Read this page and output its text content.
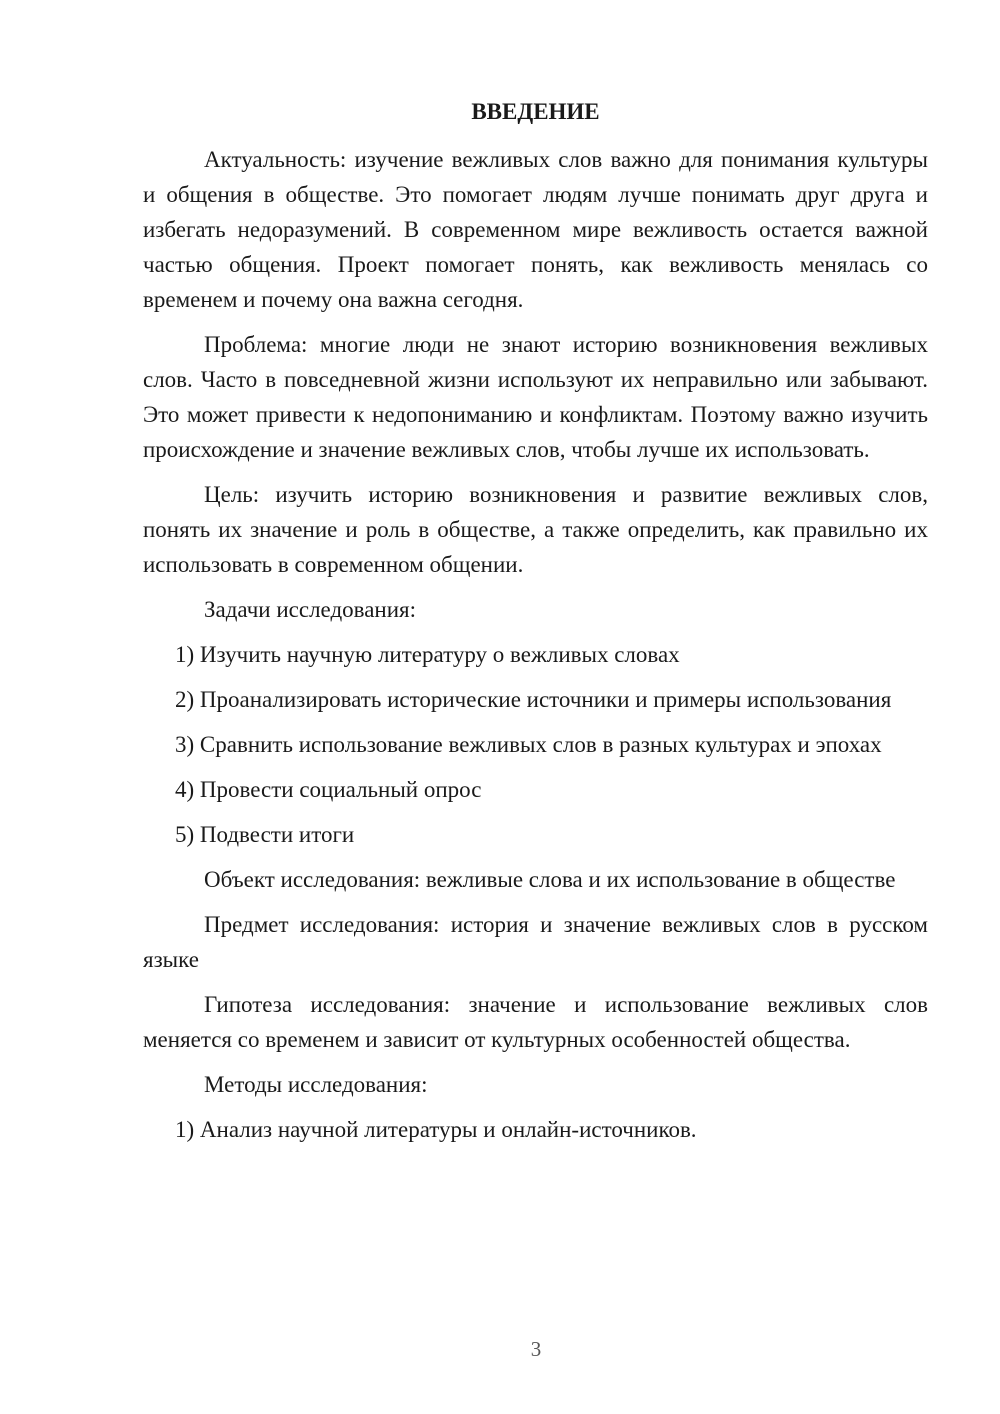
ВВЕДЕНИЕ

Актуальность: изучение вежливых слов важно для понимания культуры и общения в обществе. Это помогает людям лучше понимать друг друга и избегать недоразумений. В современном мире вежливость остается важной частью общения. Проект помогает понять, как вежливость менялась со временем и почему она важна сегодня.

Проблема: многие люди не знают историю возникновения вежливых слов. Часто в повседневной жизни используют их неправильно или забывают. Это может привести к недопониманию и конфликтам. Поэтому важно изучить происхождение и значение вежливых слов, чтобы лучше их использовать.

Цель: изучить историю возникновения и развитие вежливых слов, понять их значение и роль в обществе, а также определить, как правильно их использовать в современном общении.

Задачи исследования:

1) Изучить научную литературу о вежливых словах

2) Проанализировать исторические источники и примеры использования

3) Сравнить использование вежливых слов в разных культурах и эпохах

4) Провести социальный опрос

5) Подвести итоги

Объект исследования: вежливые слова и их использование в обществе

Предмет исследования: история и значение вежливых слов в русском языке

Гипотеза исследования: значение и использование вежливых слов меняется со временем и зависит от культурных особенностей общества.

Методы исследования:

1) Анализ научной литературы и онлайн-источников.

3
